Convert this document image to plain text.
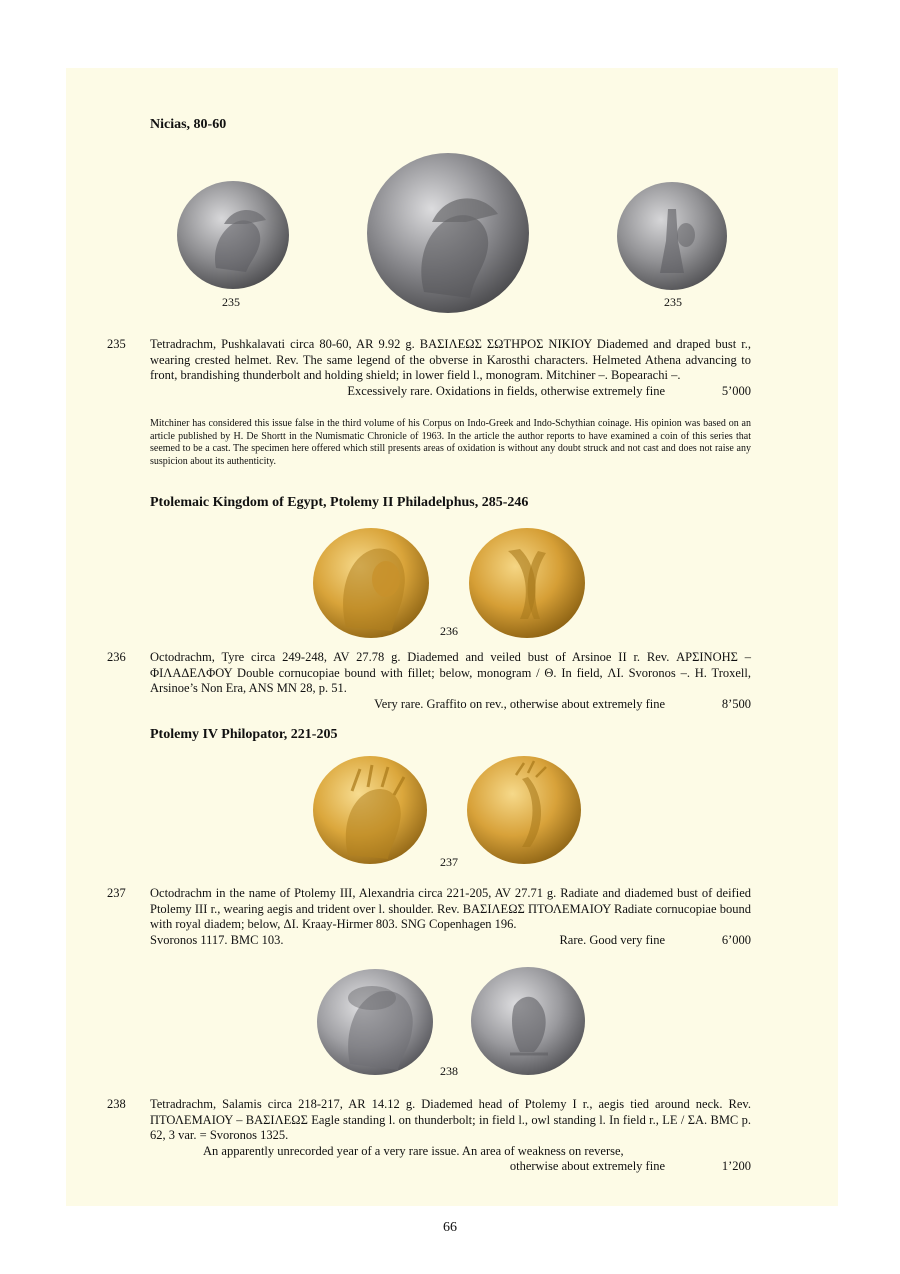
Nicias, 80-60
235	235
235 Tetradrachm, Pushkalavati circa 80-60, AR 9.92 g. ΒΑΣΙΛΕΩΣ ΣΩΤΗΡΟΣ ΝΙΚΙΟΥ Diademed and draped bust r., wearing crested helmet. Rev. The same legend of the obverse in Karosthi characters. Helmeted Athena advancing to front, brandishing thunderbolt and holding shield; in lower field l., monogram. Mitchiner –. Bopearachi –.

Excessively rare. Oxidations in fields, otherwise extremely fine	5’000
Mitchiner has considered this issue false in the third volume of his Corpus on Indo-Greek and Indo-Schythian coinage. His opinion was based on an article published by H. De Shortt in the Numismatic Chronicle of 1963. In the article the author reports to have examined a coin of this series that seemed to be a cast. The specimen here offered which still presents areas of oxidation is without any doubt struck and not cast and does not raise any suspicion about its authenticity.
Ptolemaic Kingdom of Egypt, Ptolemy II Philadelphus, 285-246
236
236 Octodrachm, Tyre circa 249-248, AV 27.78 g. Diademed and veiled bust of Arsinoe II r. Rev. ΑΡΣΙΝΟΗΣ – ΦΙΛΑΔΕΛΦΟΥ Double cornucopiae bound with fillet; below, monogram / Θ. In field, ΛΙ. Svoronos –. H. Troxell, Arsinoe’s Non Era, ANS MN 28, p. 51.

Very rare. Graffito on rev., otherwise about extremely fine	8’500
Ptolemy IV Philopator, 221-205
237
237 Octodrachm in the name of Ptolemy III, Alexandria circa 221-205, AV 27.71 g. Radiate and diademed bust of deified Ptolemy III r., wearing aegis and trident over l. shoulder. Rev. ΒΑΣΙΛΕΩΣ ΠΤΟΛΕΜΑΙΟΥ Radiate cornucopiae bound with royal diadem; below, ΔΙ. Kraay-Hirmer 803. SNG Copenhagen 196.

Svoronos 1117. BMC 103.	Rare. Good very fine	6’000
238
238 Tetradrachm, Salamis circa 218-217, AR 14.12 g. Diademed head of Ptolemy I r., aegis tied around neck. Rev. ΠΤΟΛΕΜΑΙΟΥ – ΒΑΣΙΛΕΩΣ Eagle standing l. on thunderbolt; in field l., owl standing l. In field r., LE / ΣΑ. BMC p. 62, 3 var. = Svoronos 1325.

An apparently unrecorded year of a very rare issue. An area of weakness on reverse,
otherwise about extremely fine	1’200
66
